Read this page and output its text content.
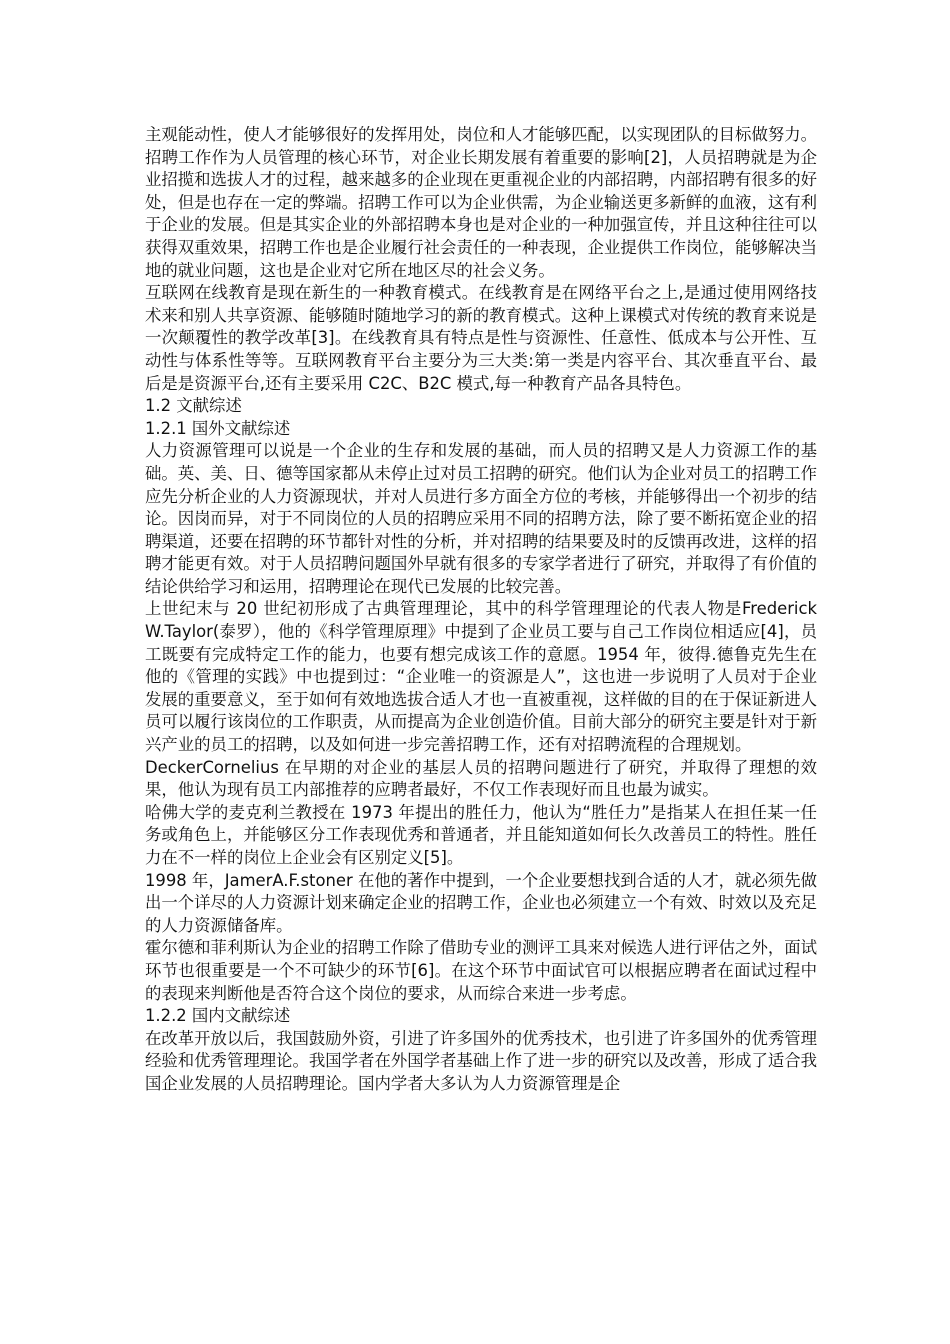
主观能动性，使人才能够很好的发挥用处，岗位和人才能够匹配，以实现团队的目标做努力。招聘工作作为人员管理的核心环节，对企业长期发展有着重要的影响[2]，人员招聘就是为企业招揽和选拔人才的过程，越来越多的企业现在更重视企业的内部招聘，内部招聘有很多的好处，但是也存在一定的弊端。招聘工作可以为企业供需，为企业输送更多新鲜的血液，这有利于企业的发展。但是其实企业的外部招聘本身也是对企业的一种加强宣传，并且这种往往可以获得双重效果，招聘工作也是企业履行社会责任的一种表现，企业提供工作岗位，能够解决当地的就业问题，这也是企业对它所在地区尽的社会义务。

互联网在线教育是现在新生的一种教育模式。在线教育是在网络平台之上,是通过使用网络技术来和别人共享资源、能够随时随地学习的新的教育模式。这种上课模式对传统的教育来说是一次颠覆性的教学改革[3]。在线教育具有特点是性与资源性、任意性、低成本与公开性、互动性与体系性等等。互联网教育平台主要分为三大类:第一类是内容平台、其次垂直平台、最后是是资源平台,还有主要采用 C2C、B2C 模式,每一种教育产品各具特色。

1.2 文献综述
1.2.1 国外文献综述

人力资源管理可以说是一个企业的生存和发展的基础，而人员的招聘又是人力资源工作的基础。英、美、日、德等国家都从未停止过对员工招聘的研究。他们认为企业对员工的招聘工作应先分析企业的人力资源现状，并对人员进行多方面全方位的考核，并能够得出一个初步的结论。因岗而异，对于不同岗位的人员的招聘应采用不同的招聘方法，除了要不断拓宽企业的招聘渠道，还要在招聘的环节都针对性的分析，并对招聘的结果要及时的反馈再改进，这样的招聘才能更有效。对于人员招聘问题国外早就有很多的专家学者进行了研究，并取得了有价值的结论供给学习和运用，招聘理论在现代已发展的比较完善。

上世纪末与 20 世纪初形成了古典管理理论，其中的科学管理理论的代表人物是Frederick W.Taylor(泰罗），他的《科学管理原理》中提到了企业员工要与自己工作岗位相适应[4]，员工既要有完成特定工作的能力，也要有想完成该工作的意愿。1954 年，彼得.德鲁克先生在他的《管理的实践》中也提到过：“企业唯一的资源是人”，这也进一步说明了人员对于企业发展的重要意义，至于如何有效地选拔合适人才也一直被重视，这样做的目的在于保证新进人员可以履行该岗位的工作职责，从而提高为企业创造价值。目前大部分的研究主要是针对于新兴产业的员工的招聘，以及如何进一步完善招聘工作，还有对招聘流程的合理规划。

DeckerCornelius 在早期的对企业的基层人员的招聘问题进行了研究，并取得了理想的效果，他认为现有员工内部推荐的应聘者最好，不仅工作表现好而且也最为诚实。

哈佛大学的麦克利兰教授在 1973 年提出的胜任力，他认为“胜任力”是指某人在担任某一任务或角色上，并能够区分工作表现优秀和普通者，并且能知道如何长久改善员工的特性。胜任力在不一样的岗位上企业会有区别定义[5]。

1998 年，JamerA.F.stoner 在他的著作中提到，一个企业要想找到合适的人才，就必须先做出一个详尽的人力资源计划来确定企业的招聘工作，企业也必须建立一个有效、时效以及充足的人力资源储备库。

霍尔德和菲利斯认为企业的招聘工作除了借助专业的测评工具来对候选人进行评估之外，面试环节也很重要是一个不可缺少的环节[6]。在这个环节中面试官可以根据应聘者在面试过程中的表现来判断他是否符合这个岗位的要求，从而综合来进一步考虑。

1.2.2 国内文献综述

在改革开放以后，我国鼓励外资，引进了许多国外的优秀技术，也引进了许多国外的优秀管理经验和优秀管理理论。我国学者在外国学者基础上作了进一步的研究以及改善，形成了适合我国企业发展的人员招聘理论。国内学者大多认为人力资源管理是企
